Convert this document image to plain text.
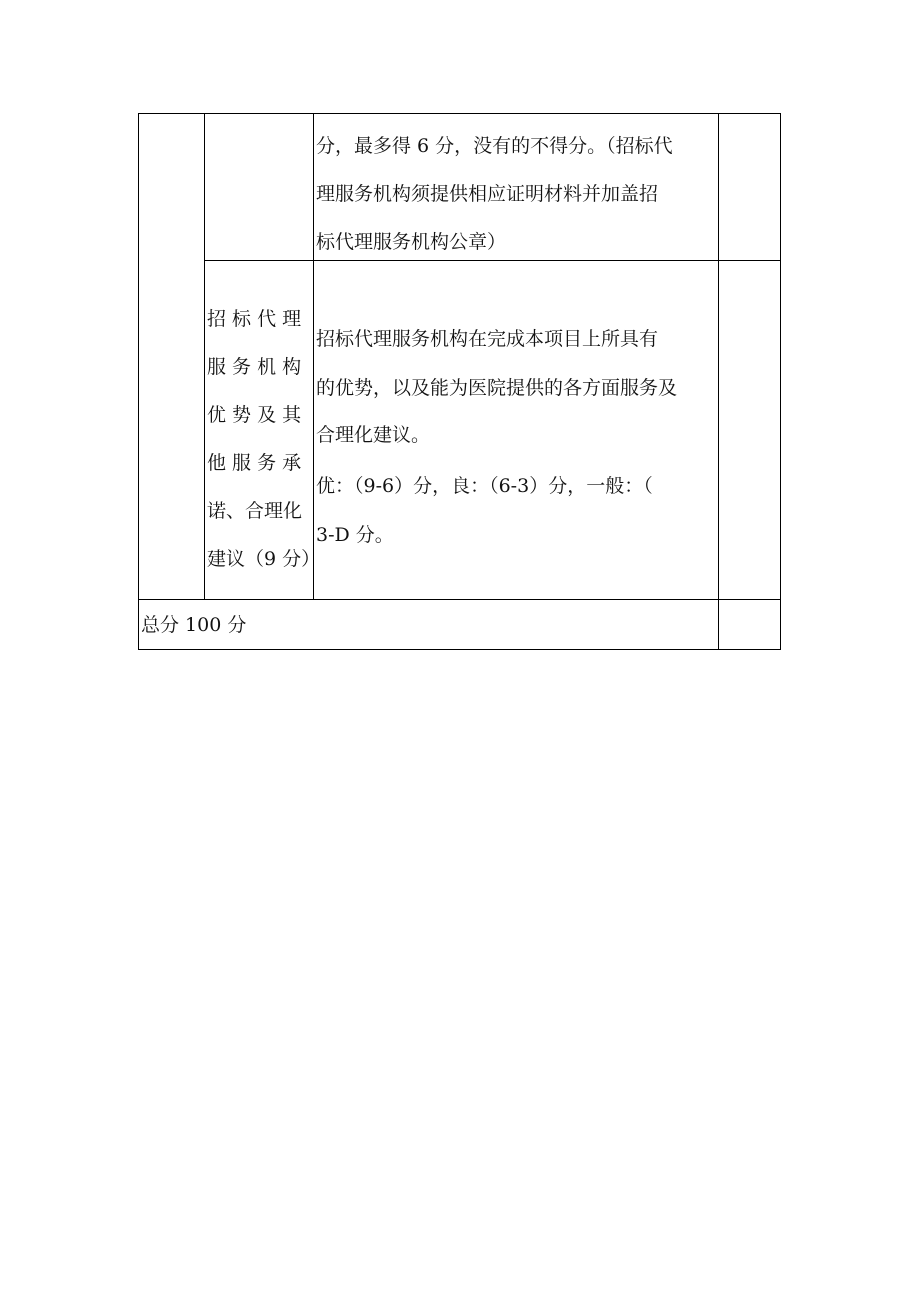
分，最多得 6 分，没有的不得分。（招标代
理服务机构须提供相应证明材料并加盖招
标代理服务机构公章）
招 标 代 理
服 务 机 构
优 势 及 其
他 服 务 承
诺、合理化
建议（9 分）
招标代理服务机构在完成本项目上所具有
的优势，以及能为医院提供的各方面服务及
合理化建议。
优：（9-6）分，良：（6-3）分，一般：（
3-D 分。
总分 100 分
